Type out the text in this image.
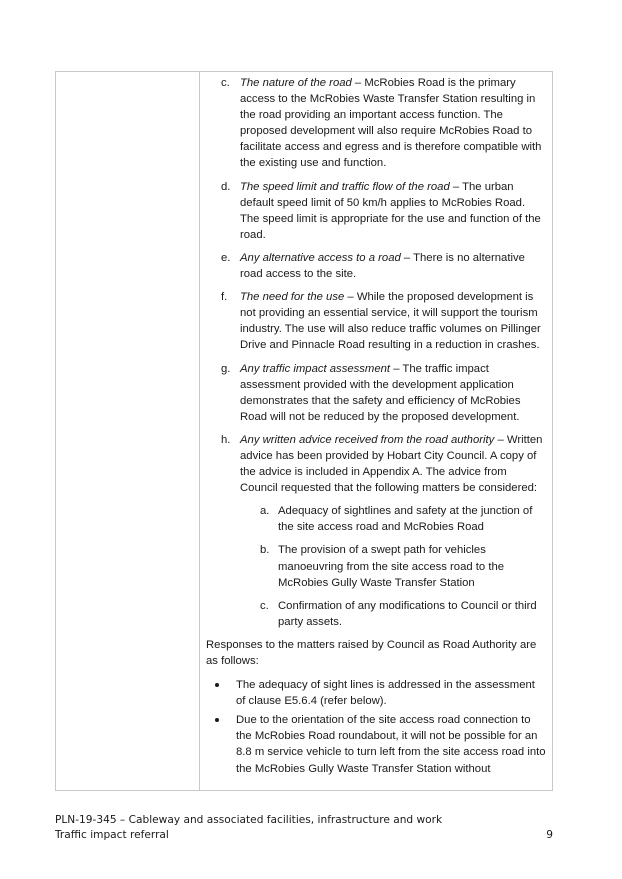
c. The nature of the road – McRobies Road is the primary access to the McRobies Waste Transfer Station resulting in the road providing an important access function. The proposed development will also require McRobies Road to facilitate access and egress and is therefore compatible with the existing use and function.
d. The speed limit and traffic flow of the road – The urban default speed limit of 50 km/h applies to McRobies Road. The speed limit is appropriate for the use and function of the road.
e. Any alternative access to a road – There is no alternative road access to the site.
f. The need for the use – While the proposed development is not providing an essential service, it will support the tourism industry. The use will also reduce traffic volumes on Pillinger Drive and Pinnacle Road resulting in a reduction in crashes.
g. Any traffic impact assessment – The traffic impact assessment provided with the development application demonstrates that the safety and efficiency of McRobies Road will not be reduced by the proposed development.
h. Any written advice received from the road authority – Written advice has been provided by Hobart City Council. A copy of the advice is included in Appendix A. The advice from Council requested that the following matters be considered:
a. Adequacy of sightlines and safety at the junction of the site access road and McRobies Road
b. The provision of a swept path for vehicles manoeuvring from the site access road to the McRobies Gully Waste Transfer Station
c. Confirmation of any modifications to Council or third party assets.
Responses to the matters raised by Council as Road Authority are as follows:
The adequacy of sight lines is addressed in the assessment of clause E5.6.4 (refer below).
Due to the orientation of the site access road connection to the McRobies Road roundabout, it will not be possible for an 8.8 m service vehicle to turn left from the site access road into the McRobies Gully Waste Transfer Station without
PLN-19-345 – Cableway and associated facilities, infrastructure and work
Traffic impact referral	9
